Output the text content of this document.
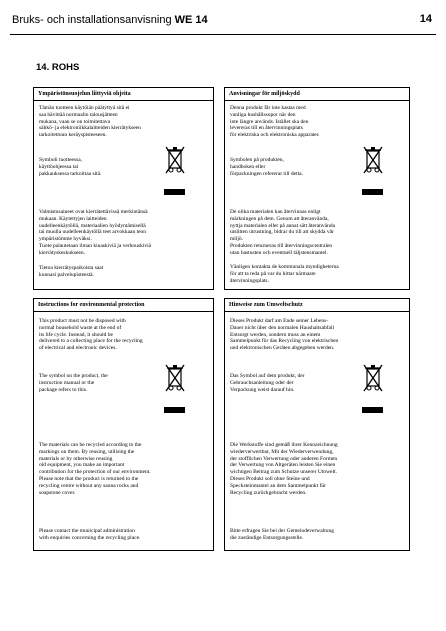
Bruks- och installationsanvisning WE 14	14
14. ROHS
Ympäristönsuojelun liittyviä ohjeita
Tämän tuotteen käytöiän päätyttyä sitä ei
saa hävittää normaalin talousjätteen
mukana, vaan se on toimitettava
sähkö- ja elektroniikkalaitteiden kierrätykseen
tarkoitettuun keräyspisteeseen.
Symboli tuotteessa,
käyttöohjeessa tai
pakkauksessa tarkoittaa sitä.
Valmistusaineet ovat kierrätettävissä merkintänsä
mukaan. Käytettyjen laitteiden
uudelleenkäytöllä, materiaalien hyödyntämisellä
tai muulla uudelleenkäytöllä teet arvokkaan teon
ympäristömme hyväksi.
Tuote palautetaan ilman kiuaskiviä ja verhouskiviä
kierrätyskeskukseen.
Tietoa kierrätyspaikoista saat
kunnasi palvelupisteestä.
Anvisningar för miljöskydd
Denna produkt får inte kastas med
vanliga hushållssopor när den
inte längre används. Istället ska den
levereras till en återvinningsplats
för elektriska och elektroniska apparater.
Symbolen på produkten,
handboken eller
förpackningen refererar till detta.
De olika materialen kan återvinnas enligt
märkningen på dem. Genom att återanvända,
nyttja materialen eller på annat sätt återanvända
utslitten utrustning, bidrar du till att skydda vår
miljö.
Produkten returneras till återvinningscentralen
utan bastusten och eventuell täljstensmantel.
Vänligen kontakta de kommunala myndigheterna
för att ta reda på var du hittar närmaste
återvinningsplats.
Instructions for environmental protection
This product must not be disposed with
normal household waste at the end of
its life cycle. Instead, it should be
delivered to a collecting place for the recycling
of electrical and electronic devices.
The symbol on the product, the
instruction manual or the
package refers to this.
The materials can be recycled according to the
markings on them. By reusing, utilising the
materials or by otherwise reusing
old equipment, you make an important
contribution for the protection of our environment.
Please note that the product is returned to the
recycling centre without any sauna rocks and
soapstone cover.
Please contact the municipal administration
with enquiries concerning the recycling place.
Hinweise zum Umweltschutz
Dieses Produkt darf am Ende seiner Lebens-
Dauer nicht über den normalen Haushaltsabfall
Entsorgt werden, sondern muss an einem
Sammelpunkt für das Recycling von elektrischen
und elektronischen Geräten abgegeben werden.
Das Symbol auf dem produkt, der
Gebrauchsanleitung oder der
Verpackung weist darauf hin.
Die Werkstoffe sind gemäß ihrer Kennzeichnung
wiederverwertbar, Mit der Wiederverwendung,
der stofflichen Verwertung oder anderen Formen
der Verwertung von Altgeräten leisten Sie einen
wichtigen Beitrag zum Schutze unserer Umwelt.
Dieses Produkt soll ohne Steine und
Specksteinmantel an dem Sammelpunkt für
Recycling zurückgebracht werden.
Bitte erfragen Sie bei der Gemeindeverwaltung
die zuständige Entsorgungsstelle.
